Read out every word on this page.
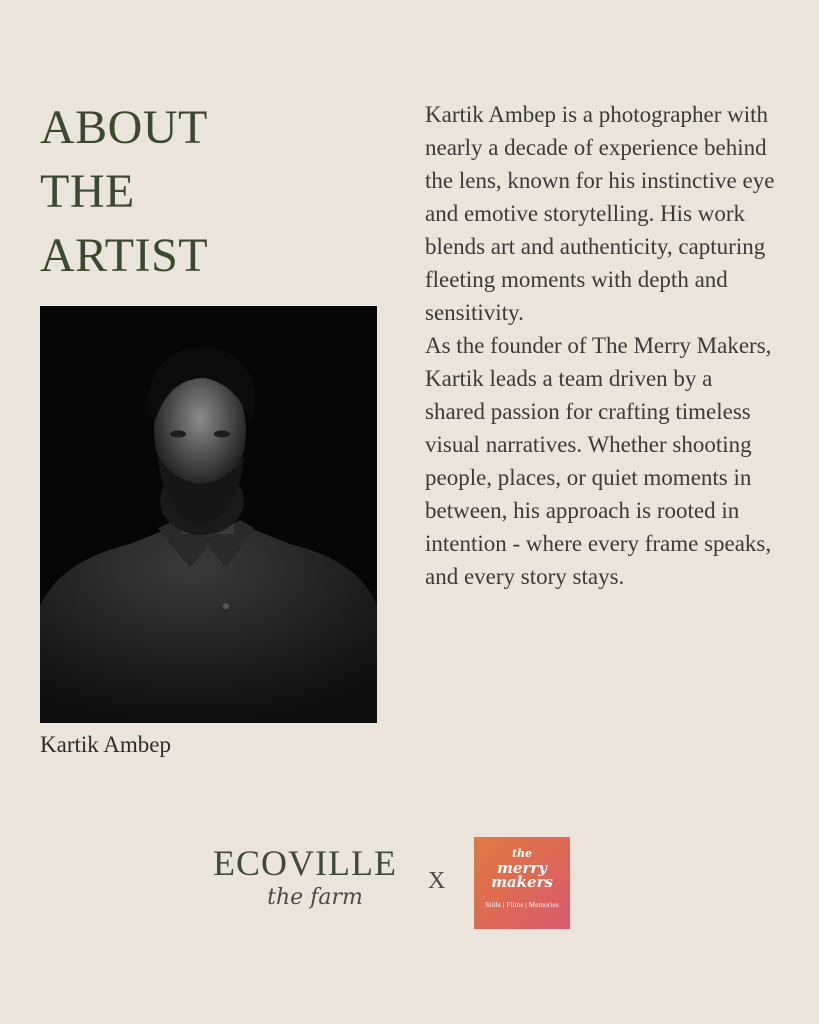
ABOUT
THE
ARTIST
Kartik Ambep

Kartik Ambep is a photographer with nearly a decade of experience behind the lens, known for his instinctive eye and emotive storytelling. His work blends art and authenticity, capturing fleeting moments with depth and sensitivity.

As the founder of The Merry Makers, Kartik leads a team driven by a shared passion for crafting timeless visual narratives. Whether shooting people, places, or quiet moments in between, his approach is rooted in intention - where every frame speaks, and every story stays.

ECOVILLE
the farm
X
the
merry
makers
Stills | Films | Memories
